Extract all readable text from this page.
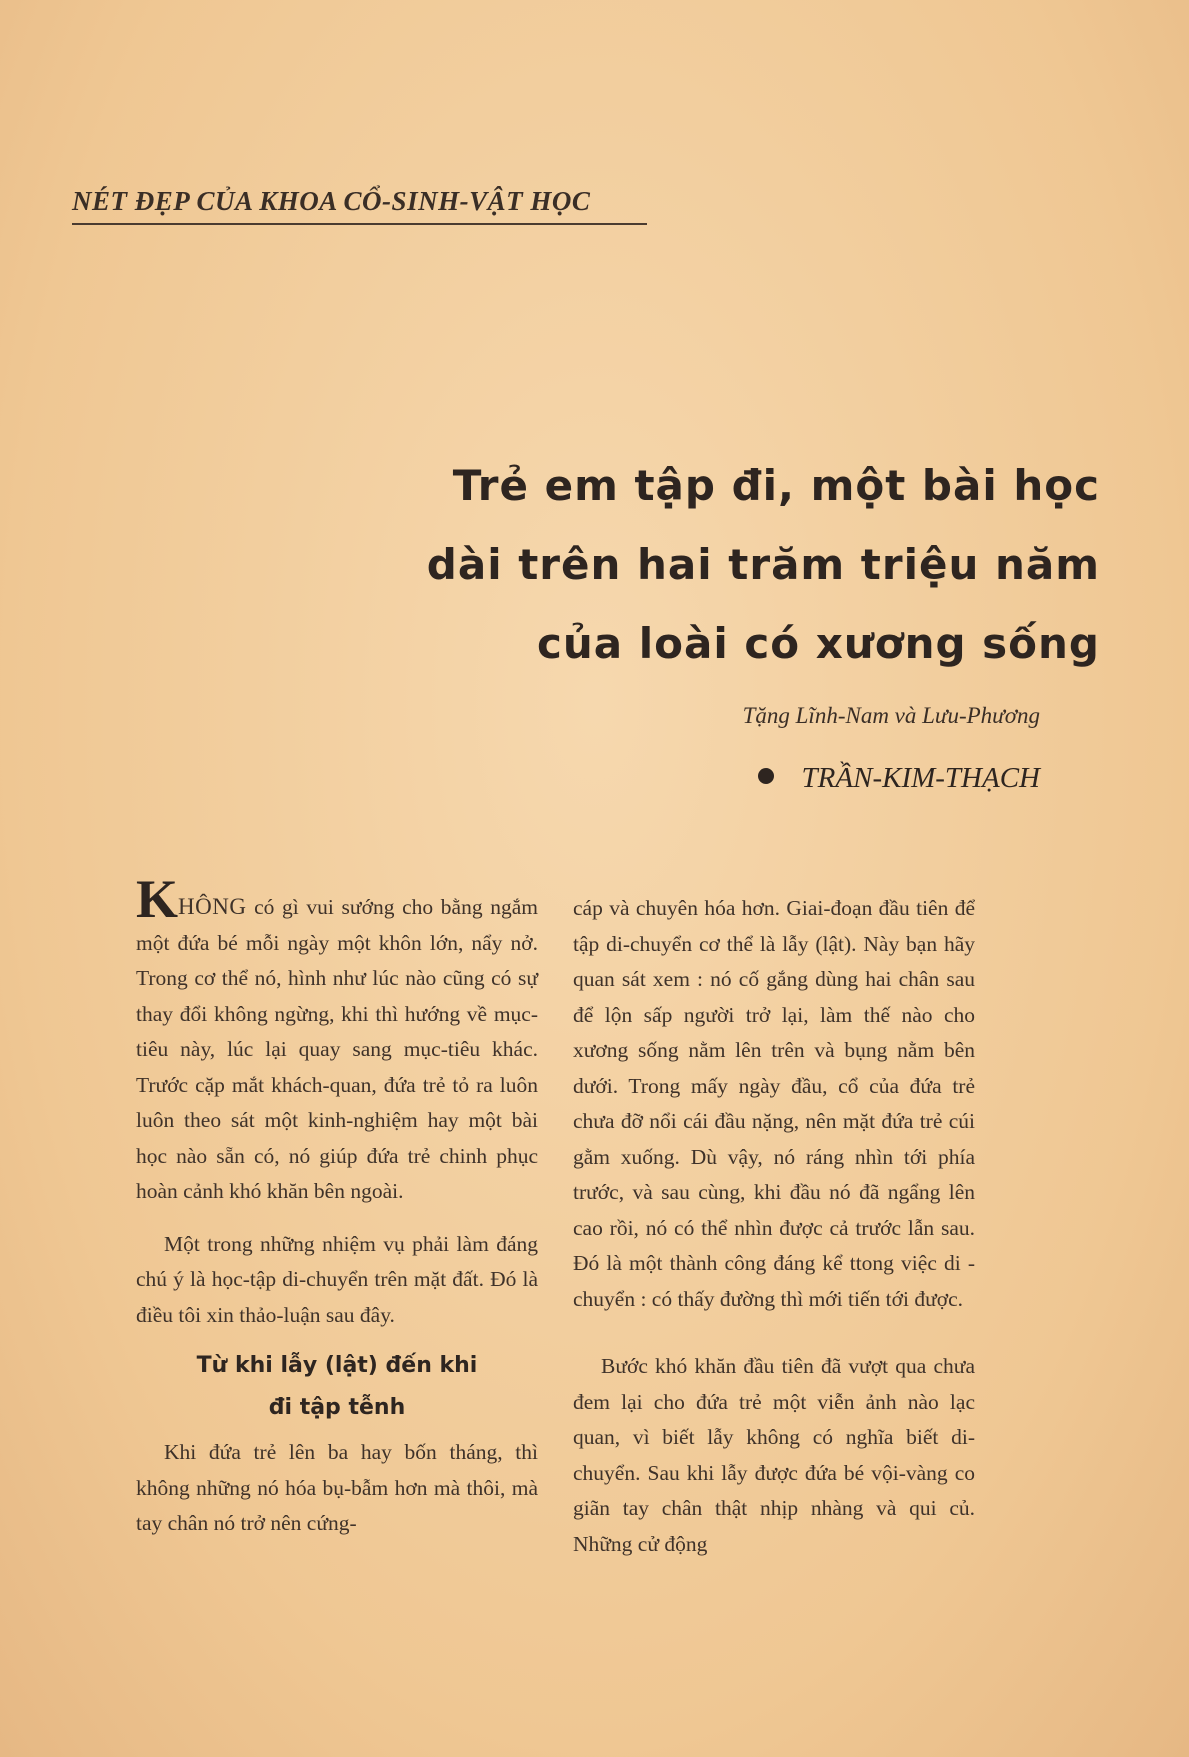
NÉT ĐẸP CỦA KHOA CỔ-SINH-VẬT HỌC
Trẻ em tập đi, một bài học
dài trên hai trăm triệu năm
của loài có xương sống
Tặng Lĩnh-Nam và Lưu-Phương
TRẦN-KIM-THẠCH

KHÔNG có gì vui sướng cho bằng ngắm một đứa bé mỗi ngày một khôn lớn, nẩy nở. Trong cơ thể nó, hình như lúc nào cũng có sự thay đổi không ngừng, khi thì hướng về mục-tiêu này, lúc lại quay sang mục-tiêu khác. Trước cặp mắt khách-quan, đứa trẻ tỏ ra luôn luôn theo sát một kinh-nghiệm hay một bài học nào sẵn có, nó giúp đứa trẻ chinh phục hoàn cảnh khó khăn bên ngoài.

Một trong những nhiệm vụ phải làm đáng chú ý là học-tập di-chuyển trên mặt đất. Đó là điều tôi xin thảo-luận sau đây.

Từ khi lẫy (lật) đến khi
đi tập tễnh

Khi đứa trẻ lên ba hay bốn tháng, thì không những nó hóa bụ-bẫm hơn mà thôi, mà tay chân nó trở nên cứng-

cáp và chuyên hóa hơn. Giai-đoạn đầu tiên để tập di-chuyển cơ thể là lẫy (lật). Này bạn hãy quan sát xem : nó cố gắng dùng hai chân sau để lộn sấp người trở lại, làm thế nào cho xương sống nằm lên trên và bụng nằm bên dưới. Trong mấy ngày đầu, cổ của đứa trẻ chưa đỡ nổi cái đầu nặng, nên mặt đứa trẻ cúi gằm xuống. Dù vậy, nó ráng nhìn tới phía trước, và sau cùng, khi đầu nó đã ngẩng lên cao rồi, nó có thể nhìn được cả trước lẫn sau. Đó là một thành công đáng kể ttong việc di - chuyển : có thấy đường thì mới tiến tới được.

Bước khó khăn đầu tiên đã vượt qua chưa đem lại cho đứa trẻ một viễn ảnh nào lạc quan, vì biết lẫy không có nghĩa biết di-chuyển. Sau khi lẫy được đứa bé vội-vàng co giãn tay chân thật nhịp nhàng và qui củ. Những cử động
